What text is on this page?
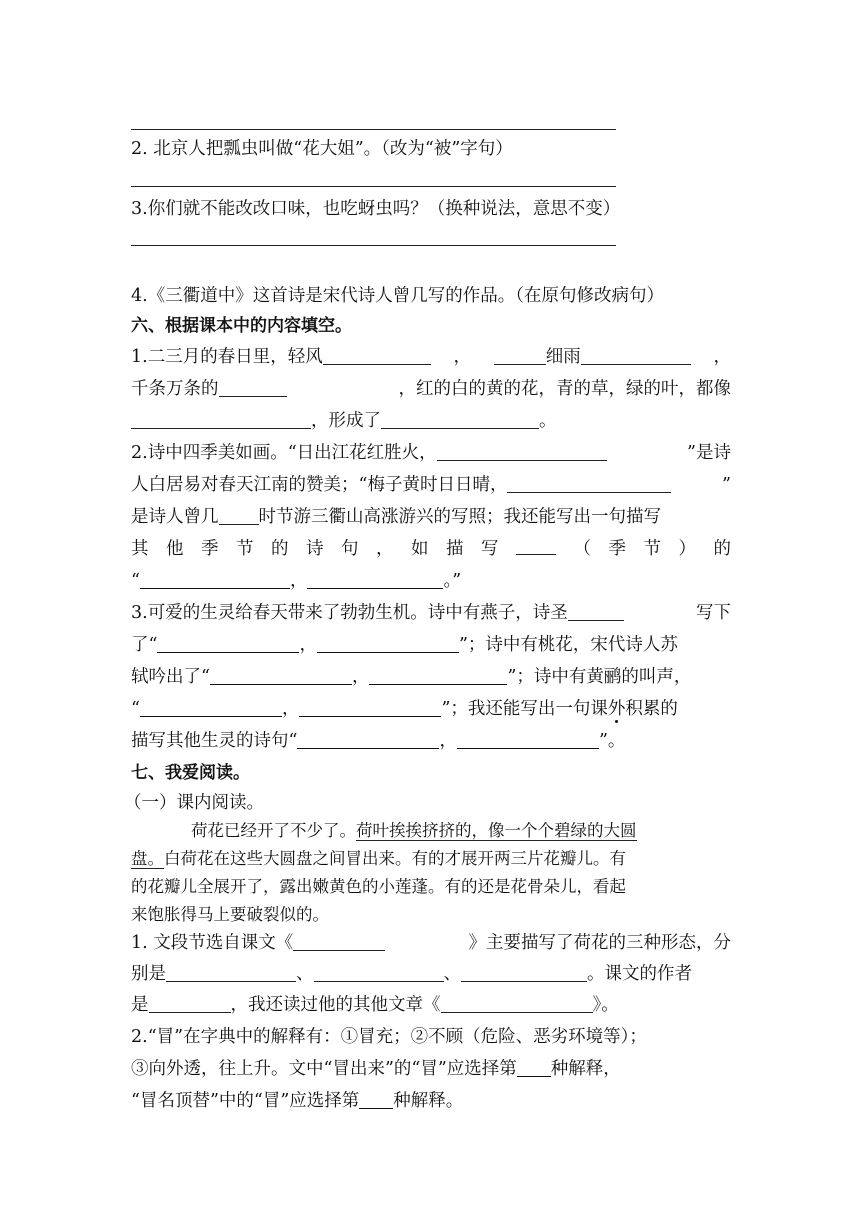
2. 北京人把瓢虫叫做“花大姐”。（改为“被”字句）
3.你们就不能改改口味，也吃蚜虫吗？（换种说法，意思不变）
4.《三衢道中》这首诗是宋代诗人曾几写的作品。（在原句修改病句）
六、根据课本中的内容填空。
1.二三月的春日里，轻风	，	细雨	，
千条万条的	，红的白的黄的花，青的草，绿的叶，都像
，形成了	。
2.诗中四季美如画。“日出江花红胜火，	”是诗
人白居易对春天江南的赞美；“梅子黄时日日晴，	”
是诗人曾几 时节游三衢山高涨游兴的写照；我还能写出一句描写
其 他 季 节 的 诗 句 ， 如 描 写	（ 季 节 ） 的
“	，	。”
3.可爱的生灵给春天带来了勃勃生机。诗中有燕子，诗圣	写下
了“	，	”；诗中有桃花，宋代诗人苏
轼吟出了“	，	”；诗中有黄鹂的叫声，
“	，	”；我还能写出一句课外积累的
描写其他生灵的诗句“	，	”。
七、我爱阅读。
（一）课内阅读。
荷花已经开了不少了。荷叶挨挨挤挤的，像一个个碧绿的大圆
盘。白荷花在这些大圆盘之间冒出来。有的才展开两三片花瓣儿。有
的花瓣儿全展开了，露出嫩黄色的小莲蓬。有的还是花骨朵儿，看起
来饱胀得马上要破裂似的。
1. 文段节选自课文《	》主要描写了荷花的三种形态，分
别是	、	、	。课文的作者
是	，我还读过他的其他文章《	》。
2.“冒”在字典中的解释有：①冒充；②不顾（危险、恶劣环境等）；
③向外透，往上升。文中“冒出来”的“冒”应选择第 种解释，
“冒名顶替”中的“冒”应选择第 种解释。
